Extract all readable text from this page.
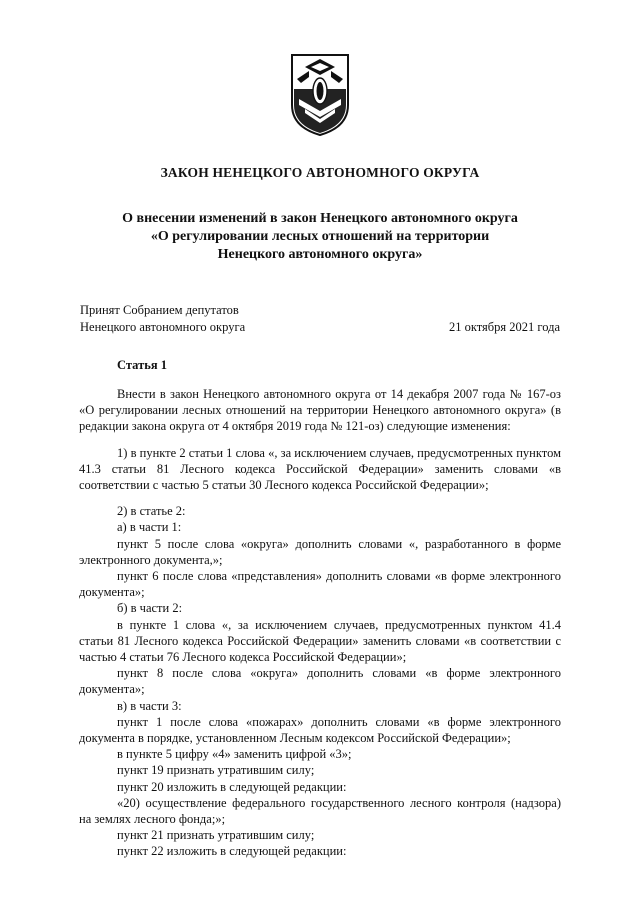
ЗАКОН НЕНЕЦКОГО АВТОНОМНОГО ОКРУГА
О внесении изменений в закон Ненецкого автономного округа
«О регулировании лесных отношений на территории
Ненецкого автономного округа»
Принят Собранием депутатов
Ненецкого автономного округа	21 октября 2021 года
Статья 1

Внести в закон Ненецкого автономного округа от 14 декабря 2007 года № 167-оз «О регулировании лесных отношений на территории Ненецкого автономного округа» (в редакции закона округа от 4 октября 2019 года № 121-оз) следующие изменения:

1) в пункте 2 статьи 1 слова «, за исключением случаев, предусмотренных пунктом 41.3 статьи 81 Лесного кодекса Российской Федерации» заменить словами «в соответствии с частью 5 статьи 30 Лесного кодекса Российской Федерации»;

2) в статье 2:

а) в части 1:

пункт 5 после слова «округа» дополнить словами «, разработанного в форме электронного документа,»;

пункт 6 после слова «представления» дополнить словами «в форме электронного документа»;

б) в части 2:

в пункте 1 слова «, за исключением случаев, предусмотренных пунктом 41.4 статьи 81 Лесного кодекса Российской Федерации» заменить словами «в соответствии с частью 4 статьи 76 Лесного кодекса Российской Федерации»;

пункт 8 после слова «округа» дополнить словами «в форме электронного документа»;

в) в части 3:

пункт 1 после слова «пожарах» дополнить словами «в форме электронного документа в порядке, установленном Лесным кодексом Российской Федерации»;

в пункте 5 цифру «4» заменить цифрой «3»;

пункт 19 признать утратившим силу;

пункт 20 изложить в следующей редакции:

«20) осуществление федерального государственного лесного контроля (надзора) на землях лесного фонда;»;

пункт 21 признать утратившим силу;

пункт 22 изложить в следующей редакции:
